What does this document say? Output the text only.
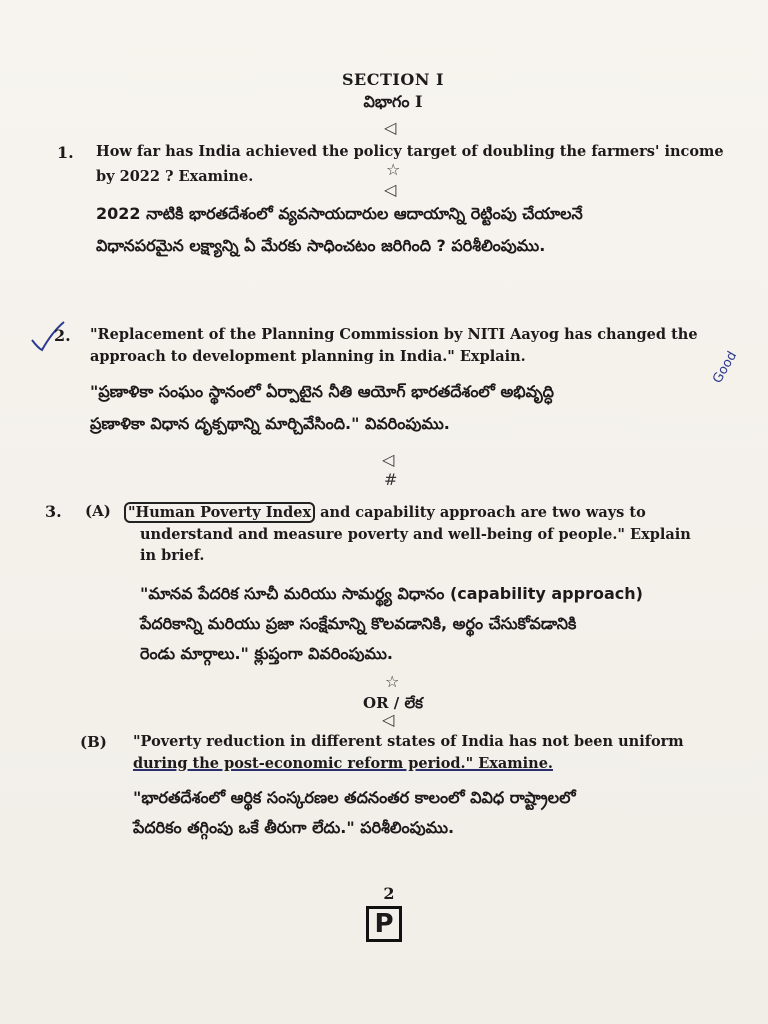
SECTION I
విభాగం I
◁
☆
◁
1. How far has India achieved the policy target of doubling the farmers' income
by 2022 ? Examine.
2022 నాటికి భారతదేశంలో వ్యవసాయదారుల ఆదాయాన్ని రెట్టింపు చేయాలనే
విధానపరమైన లక్ష్యాన్ని ఏ మేరకు సాధించటం జరిగింది ? పరిశీలింపుము.
2. "Replacement of the Planning Commission by NITI Aayog has changed the
approach to development planning in India." Explain.
"ప్రణాళికా సంఘం స్థానంలో ఏర్పాటైన నీతి ఆయోగ్ భారతదేశంలో అభివృద్ధి
ప్రణాళికా విధాన దృక్పథాన్ని మార్చివేసింది." వివరింపుము.
Good
◁
#
3. (A) "Human Poverty Index and capability approach are two ways to
understand and measure poverty and well-being of people." Explain
in brief.
"మానవ పేదరిక సూచీ మరియు సామర్థ్య విధానం (capability approach)
పేదరికాన్ని మరియు ప్రజా సంక్షేమాన్ని కొలవడానికి, అర్థం చేసుకోవడానికి
రెండు మార్గాలు." క్లుప్తంగా వివరింపుము.
☆
OR / లేక
◁
(B) "Poverty reduction in different states of India has not been uniform
during the post-economic reform period." Examine.
"భారతదేశంలో ఆర్థిక సంస్కరణల తదనంతర కాలంలో వివిధ రాష్ట్రాలలో
పేదరికం తగ్గింపు ఒకే తీరుగా లేదు." పరిశీలింపుము.
2
P
